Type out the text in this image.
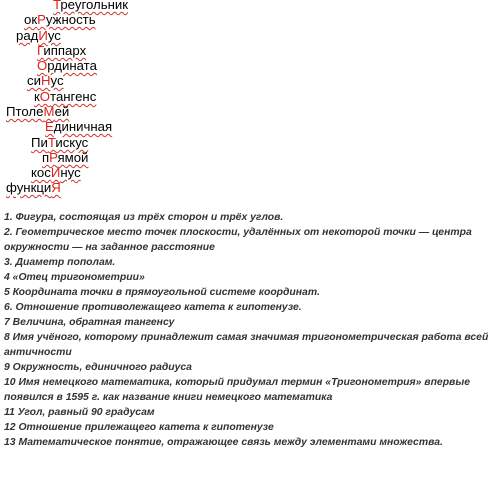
Треугольник
окРужность
радИус
Гиппарх
Ордината
сиНус
кОтангенс
ПтолеМей
Единичная
ПиТискус
пРямой
косИнус
функциЯ
1. Фигура, состоящая из трёх сторон и трёх углов.
2. Геометрическое место точек плоскости, удалённых от некоторой точки — центра окружности — на заданное расстояние
3. Диаметр пополам.
4 «Отец тригонометрии»
5 Координата точки в прямоугольной системе координат.
6. Отношение противолежащего катета к гипотенузе.
7 Величина, обратная тангенсу
8 Имя учёного, которому принадлежит самая значимая тригонометрическая работа всей античности
9 Окружность, единичного радиуса
10 Имя немецкого математика, который придумал термин «Тригонометрия» впервые появился в 1595 г. как название книги немецкого математика
11 Угол, равный 90 градусам
12 Отношение прилежащего катета к гипотенузе
13 Математическое понятие, отражающее связь между элементами множества.
